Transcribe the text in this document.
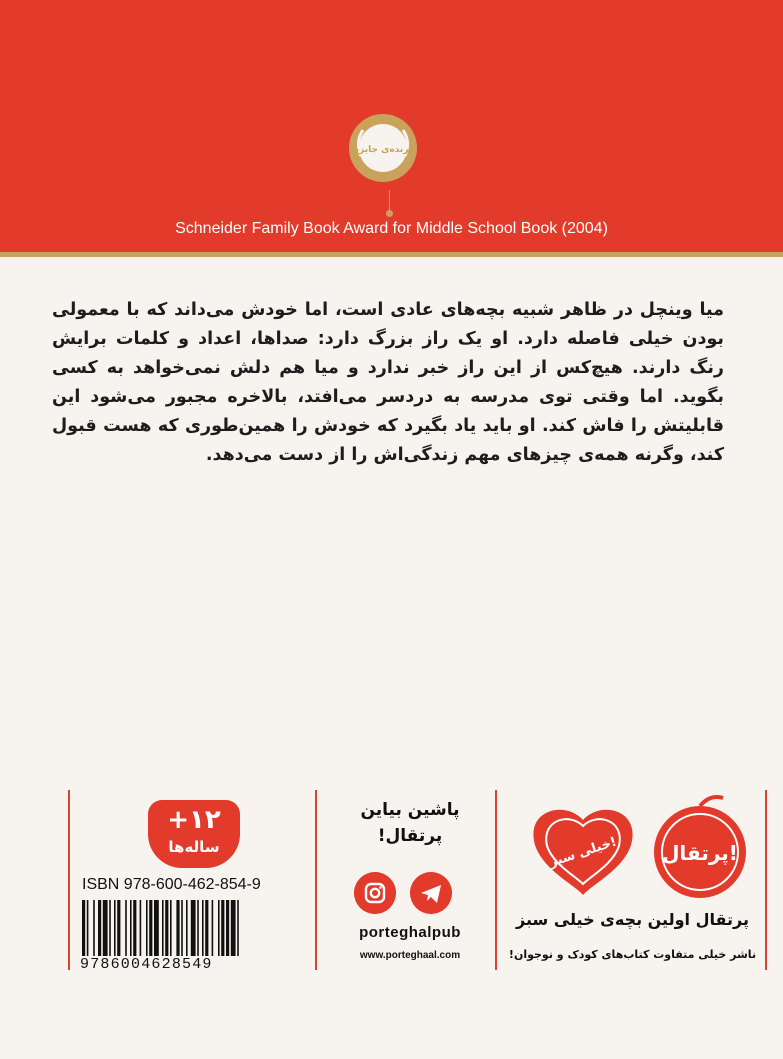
برنده‌ی جایزه
Schneider Family Book Award for Middle School Book (2004)
میا وینچل در ظاهر شبیه بچه‌های عادی است، اما خودش می‌داند که با معمولی بودن خیلی فاصله دارد. او یک راز بزرگ دارد: صداها، اعداد و کلمات برایش رنگ دارند. هیچ‌کس از این راز خبر ندارد و میا هم دلش نمی‌خواهد به کسی بگوید. اما وقتی توی مدرسه به دردسر می‌افتد، بالاخره مجبور می‌شود این قابلیتش را فاش کند. او باید یاد بگیرد که خودش را همین‌طوری که هست قبول کند، وگرنه همه‌ی چیزهای مهم زندگی‌اش را از دست می‌دهد.
+۱۲
ساله‌ها
ISBN 978-600-462-854-9
9786004628549
پاشین بیاین
پرتقال!
porteghalpub
www.porteghaal.com
پرتقال!
خیلی سبز!
پرتقال اولین بچه‌ی خیلی سبز
ناشر خیلی متفاوت کتاب‌های کودک و نوجوان!
